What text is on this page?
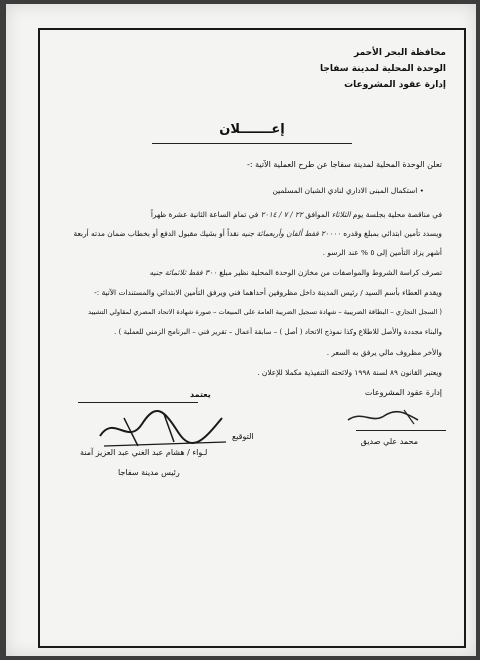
محافظة البحر الأحمر
الوحدة المحلية لمدينة سفاجا
إدارة عقود المشروعات
إعـــــــلان
تعلن الوحدة المحلية لمدينة سفاجا عن طرح العملية الآتية :-
• استكمال المبنى الاداري لنادي الشبان المسلمين
في مناقصة محلية بجلسة يوم الثلاثاء الموافق ٢٢ / ٧ / ٢٠١٤ في تمام الساعة الثانية عشرة ظهراً
ويسدد تأمين ابتدائي بمبلغ وقدره ٢٠٠٠٠ فقط ألفان وأربعمائة جنيه نقداً أو بشيك مقبول الدفع أو بخطاب ضمان مدته أربعة
أشهر يزاد التأمين إلى ٥ % عند الرسو .
تصرف كراسة الشروط والمواصفات من مخازن الوحدة المحلية نظير مبلغ ٣٠٠ فقط ثلاثمائة جنيه
ويقدم العطاء بأسم السيد / رئيس المدينة داخل مظروفين أحداهما فني ويرفق التأمين الابتدائي والمستندات الآتية :-
( السجل التجاري – البطاقة الضريبية – شهادة تسجيل الضريبة العامة على المبيعات – صورة شهادة الاتحاد المصري لمقاولي التشييد
والبناء مجددة والأصل للاطلاع وكذا نموذج الاتحاد ( أصل ) – سابقة أعمال – تقرير فني – البرنامج الزمني للعملية ) .
والأخر مظروف مالي يرفق به السعر .
ويعتبر القانون ٨٩ لسنة ١٩٩٨ ولائحته التنفيذية مكملا للإعلان .
إدارة عقود المشروعات
محمد علي صديق
يعتمد
التوقيع
لـواء / هشام عبد الغني عبد العزيز آمنة
رئيس مدينة سفاجا
